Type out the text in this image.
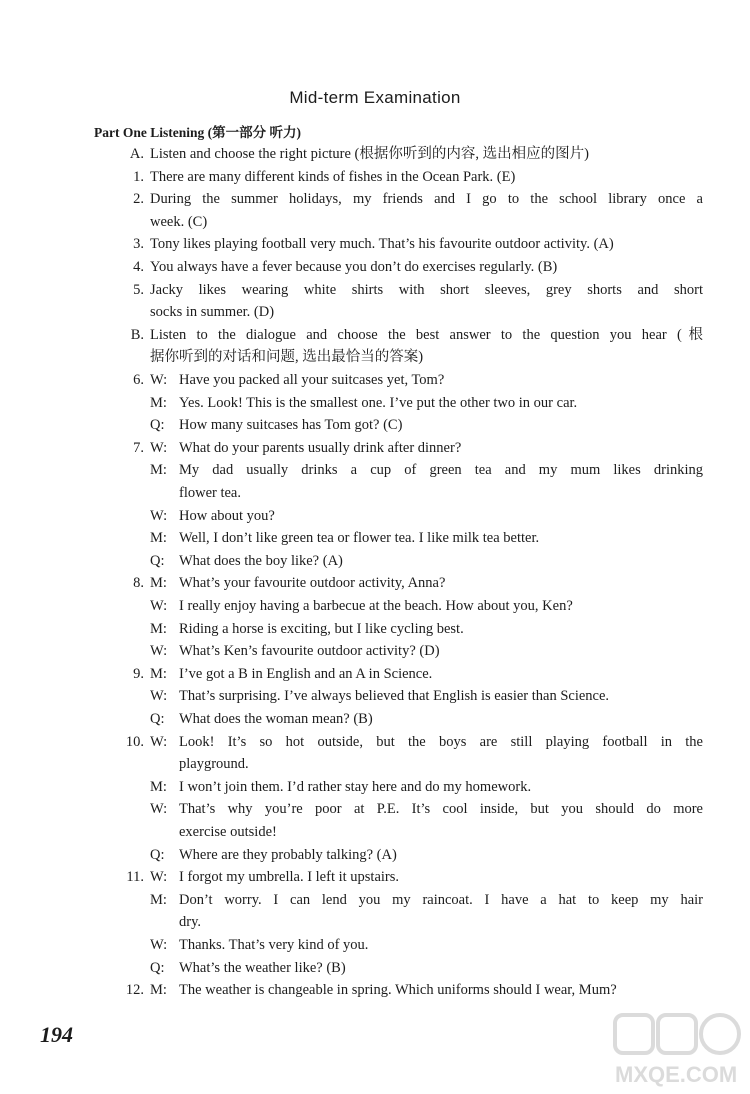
Mid-term Examination
Part One Listening (第一部分 听力)
A. Listen and choose the right picture (根据你听到的内容, 选出相应的图片)
1. There are many different kinds of fishes in the Ocean Park. (E)
2. During the summer holidays, my friends and I go to the school library once a
week. (C)
3. Tony likes playing football very much. That’s his favourite outdoor activity. (A)
4. You always have a fever because you don’t do exercises regularly. (B)
5. Jacky likes wearing white shirts with short sleeves, grey shorts and short
socks in summer. (D)
B. Listen to the dialogue and choose the best answer to the question you hear (根
据你听到的对话和问题, 选出最恰当的答案)
6. W: Have you packed all your suitcases yet, Tom?
M: Yes. Look! This is the smallest one. I’ve put the other two in our car.
Q: How many suitcases has Tom got? (C)
7. W: What do your parents usually drink after dinner?
M: My dad usually drinks a cup of green tea and my mum likes drinking
flower tea.
W: How about you?
M: Well, I don’t like green tea or flower tea. I like milk tea better.
Q: What does the boy like? (A)
8. M: What’s your favourite outdoor activity, Anna?
W: I really enjoy having a barbecue at the beach. How about you, Ken?
M: Riding a horse is exciting, but I like cycling best.
W: What’s Ken’s favourite outdoor activity? (D)
9. M: I’ve got a B in English and an A in Science.
W: That’s surprising. I’ve always believed that English is easier than Science.
Q: What does the woman mean? (B)
10. W: Look! It’s so hot outside, but the boys are still playing football in the
playground.
M: I won’t join them. I’d rather stay here and do my homework.
W: That’s why you’re poor at P.E. It’s cool inside, but you should do more
exercise outside!
Q: Where are they probably talking? (A)
11. W: I forgot my umbrella. I left it upstairs.
M: Don’t worry. I can lend you my raincoat. I have a hat to keep my hair
dry.
W: Thanks. That’s very kind of you.
Q: What’s the weather like? (B)
12. M: The weather is changeable in spring. Which uniforms should I wear, Mum?
194
MXQE.COM
